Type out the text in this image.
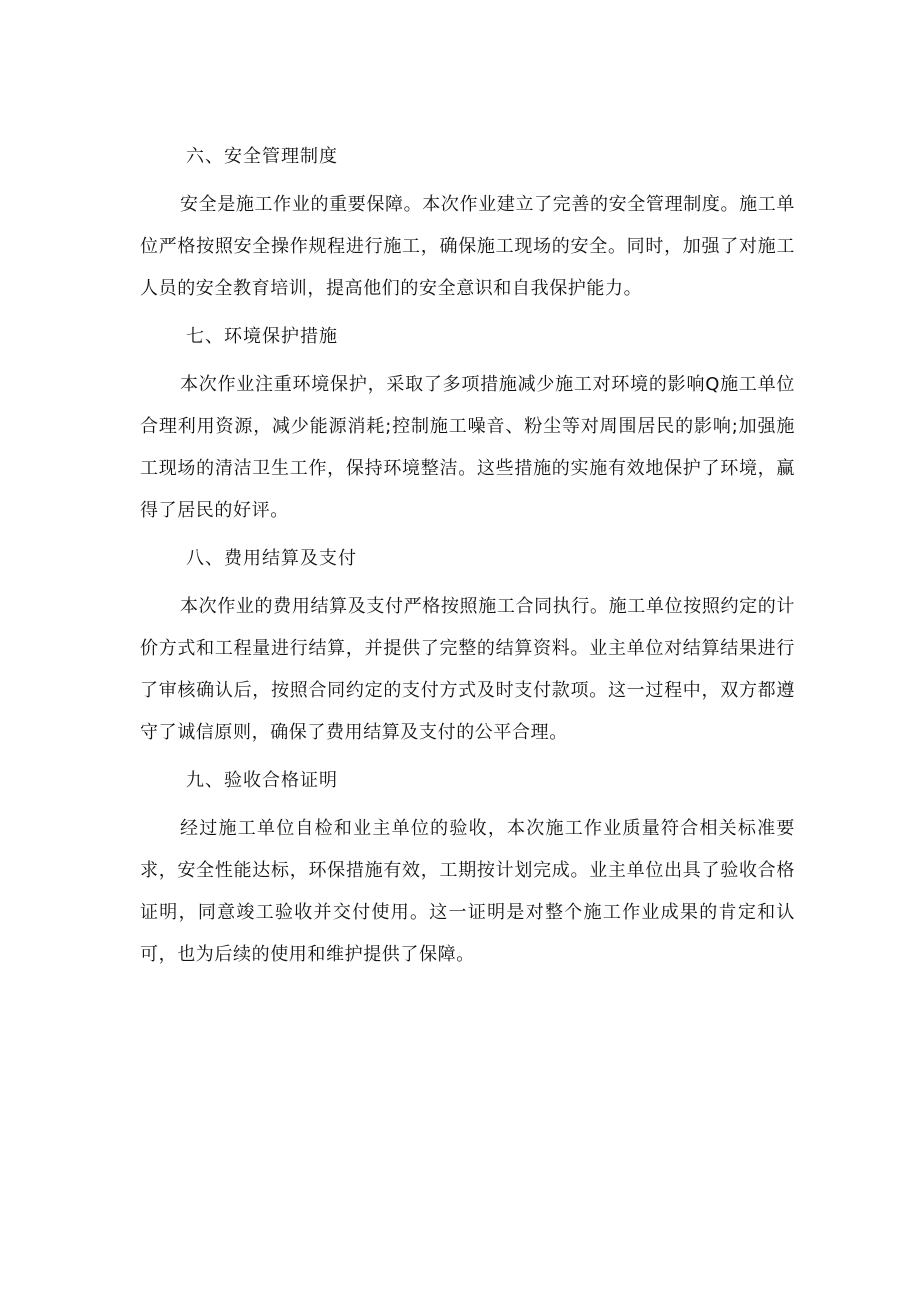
六、安全管理制度

安全是施工作业的重要保障。本次作业建立了完善的安全管理制度。施工单位严格按照安全操作规程进行施工，确保施工现场的安全。同时，加强了对施工人员的安全教育培训，提高他们的安全意识和自我保护能力。

七、环境保护措施

本次作业注重环境保护，采取了多项措施减少施工对环境的影响Q施工单位合理利用资源，减少能源消耗;控制施工噪音、粉尘等对周围居民的影响;加强施工现场的清洁卫生工作，保持环境整洁。这些措施的实施有效地保护了环境，赢得了居民的好评。

八、费用结算及支付

本次作业的费用结算及支付严格按照施工合同执行。施工单位按照约定的计价方式和工程量进行结算，并提供了完整的结算资料。业主单位对结算结果进行了审核确认后，按照合同约定的支付方式及时支付款项。这一过程中，双方都遵守了诚信原则，确保了费用结算及支付的公平合理。

九、验收合格证明

经过施工单位自检和业主单位的验收，本次施工作业质量符合相关标准要求，安全性能达标，环保措施有效，工期按计划完成。业主单位出具了验收合格证明，同意竣工验收并交付使用。这一证明是对整个施工作业成果的肯定和认可，也为后续的使用和维护提供了保障。
